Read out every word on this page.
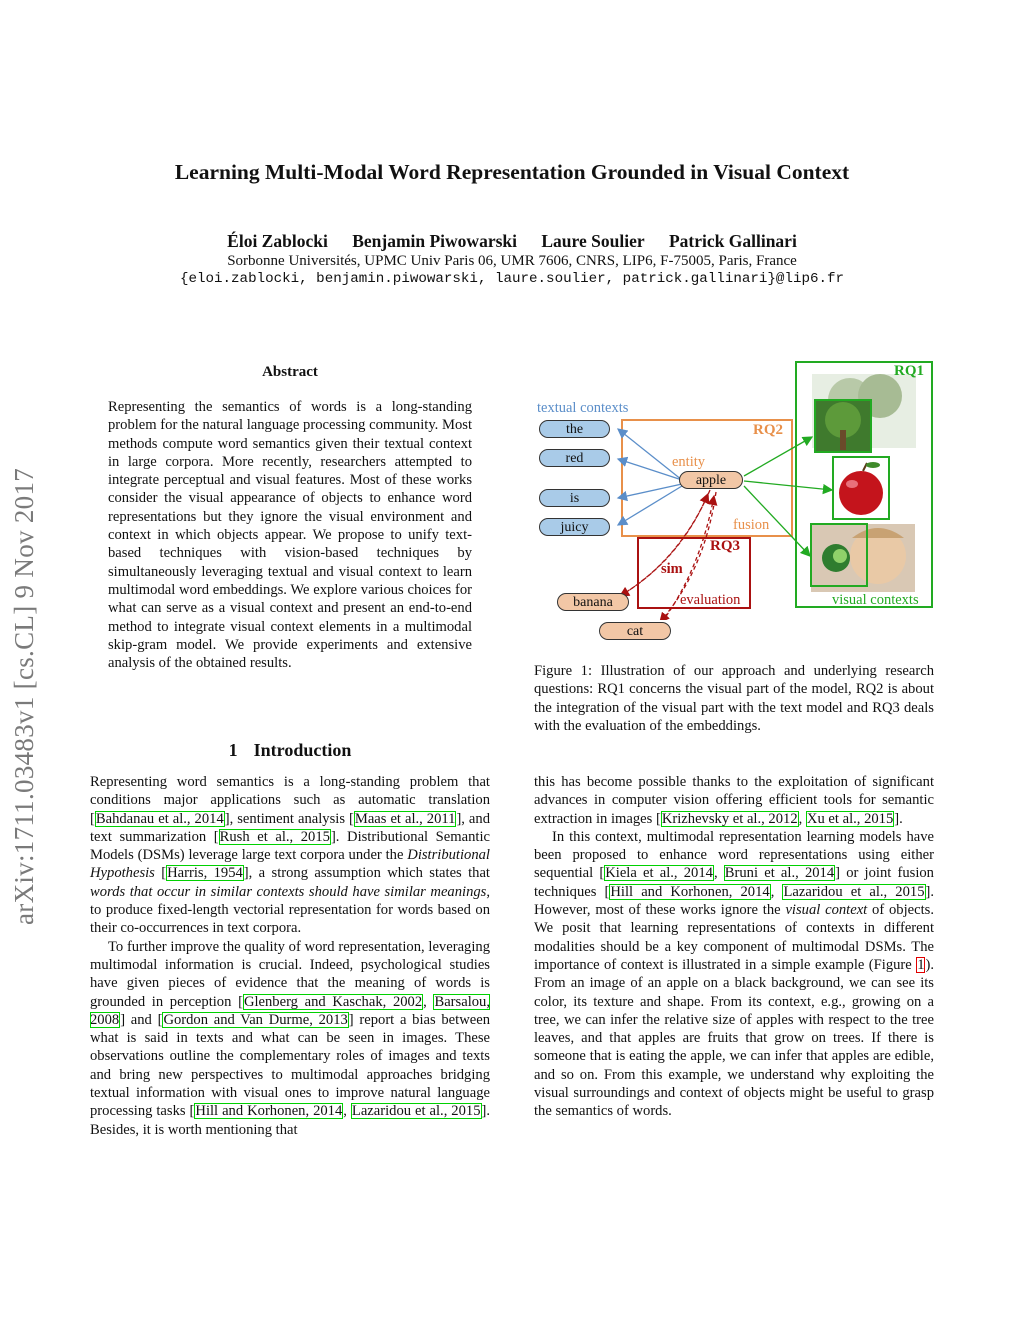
Learning Multi-Modal Word Representation Grounded in Visual Context
Éloi Zablocki Benjamin Piwowarski Laure Soulier Patrick Gallinari
Sorbonne Universités, UPMC Univ Paris 06, UMR 7606, CNRS, LIP6, F-75005, Paris, France
{eloi.zablocki, benjamin.piwowarski, laure.soulier, patrick.gallinari}@lip6.fr
arXiv:1711.03483v1 [cs.CL] 9 Nov 2017
Abstract

Representing the semantics of words is a long-standing problem for the natural language processing community. Most methods compute word semantics given their textual context in large corpora. More recently, researchers attempted to integrate perceptual and visual features. Most of these works consider the visual appearance of objects to enhance word representations but they ignore the visual environment and context in which objects appear. We propose to unify text-based techniques with vision-based techniques by simultaneously leveraging textual and visual context to learn multimodal word embeddings. We explore various choices for what can serve as a visual context and present an end-to-end method to integrate visual context elements in a multimodal skip-gram model. We provide experiments and extensive analysis of the obtained results.

textual contexts
the
red
is
juicy
RQ2
entity
apple
fusion
RQ1
visual contexts
RQ3
sim
evaluation
banana
cat

Figure 1: Illustration of our approach and underlying research questions: RQ1 concerns the visual part of the model, RQ2 is about the integration of the visual part with the text model and RQ3 deals with the evaluation of the embeddings.

1 Introduction

Representing word semantics is a long-standing problem that conditions major applications such as automatic translation [Bahdanau et al., 2014], sentiment analysis [Maas et al., 2011], and text summarization [Rush et al., 2015]. Distributional Semantic Models (DSMs) leverage large text corpora under the Distributional Hypothesis [Harris, 1954], a strong assumption which states that words that occur in similar contexts should have similar meanings, to produce fixed-length vectorial representation for words based on their co-occurrences in text corpora.

To further improve the quality of word representation, leveraging multimodal information is crucial. Indeed, psychological studies have given pieces of evidence that the meaning of words is grounded in perception [Glenberg and Kaschak, 2002, Barsalou, 2008] and [Gordon and Van Durme, 2013] report a bias between what is said in texts and what can be seen in images. These observations outline the complementary roles of images and texts and bring new perspectives to multimodal approaches bridging textual information with visual ones to improve natural language processing tasks [Hill and Korhonen, 2014, Lazaridou et al., 2015]. Besides, it is worth mentioning that

this has become possible thanks to the exploitation of significant advances in computer vision offering efficient tools for semantic extraction in images [Krizhevsky et al., 2012, Xu et al., 2015].

In this context, multimodal representation learning models have been proposed to enhance word representations using either sequential [Kiela et al., 2014, Bruni et al., 2014] or joint fusion techniques [Hill and Korhonen, 2014, Lazaridou et al., 2015]. However, most of these works ignore the visual context of objects. We posit that learning representations of contexts in different modalities should be a key component of multimodal DSMs. The importance of context is illustrated in a simple example (Figure 1). From an image of an apple on a black background, we can see its color, its texture and shape. From its context, e.g., growing on a tree, we can infer the relative size of apples with respect to the tree leaves, and that apples are fruits that grow on trees. If there is someone that is eating the apple, we can infer that apples are edible, and so on. From this example, we understand why exploiting the visual surroundings and context of objects might be useful to grasp the semantics of words.
